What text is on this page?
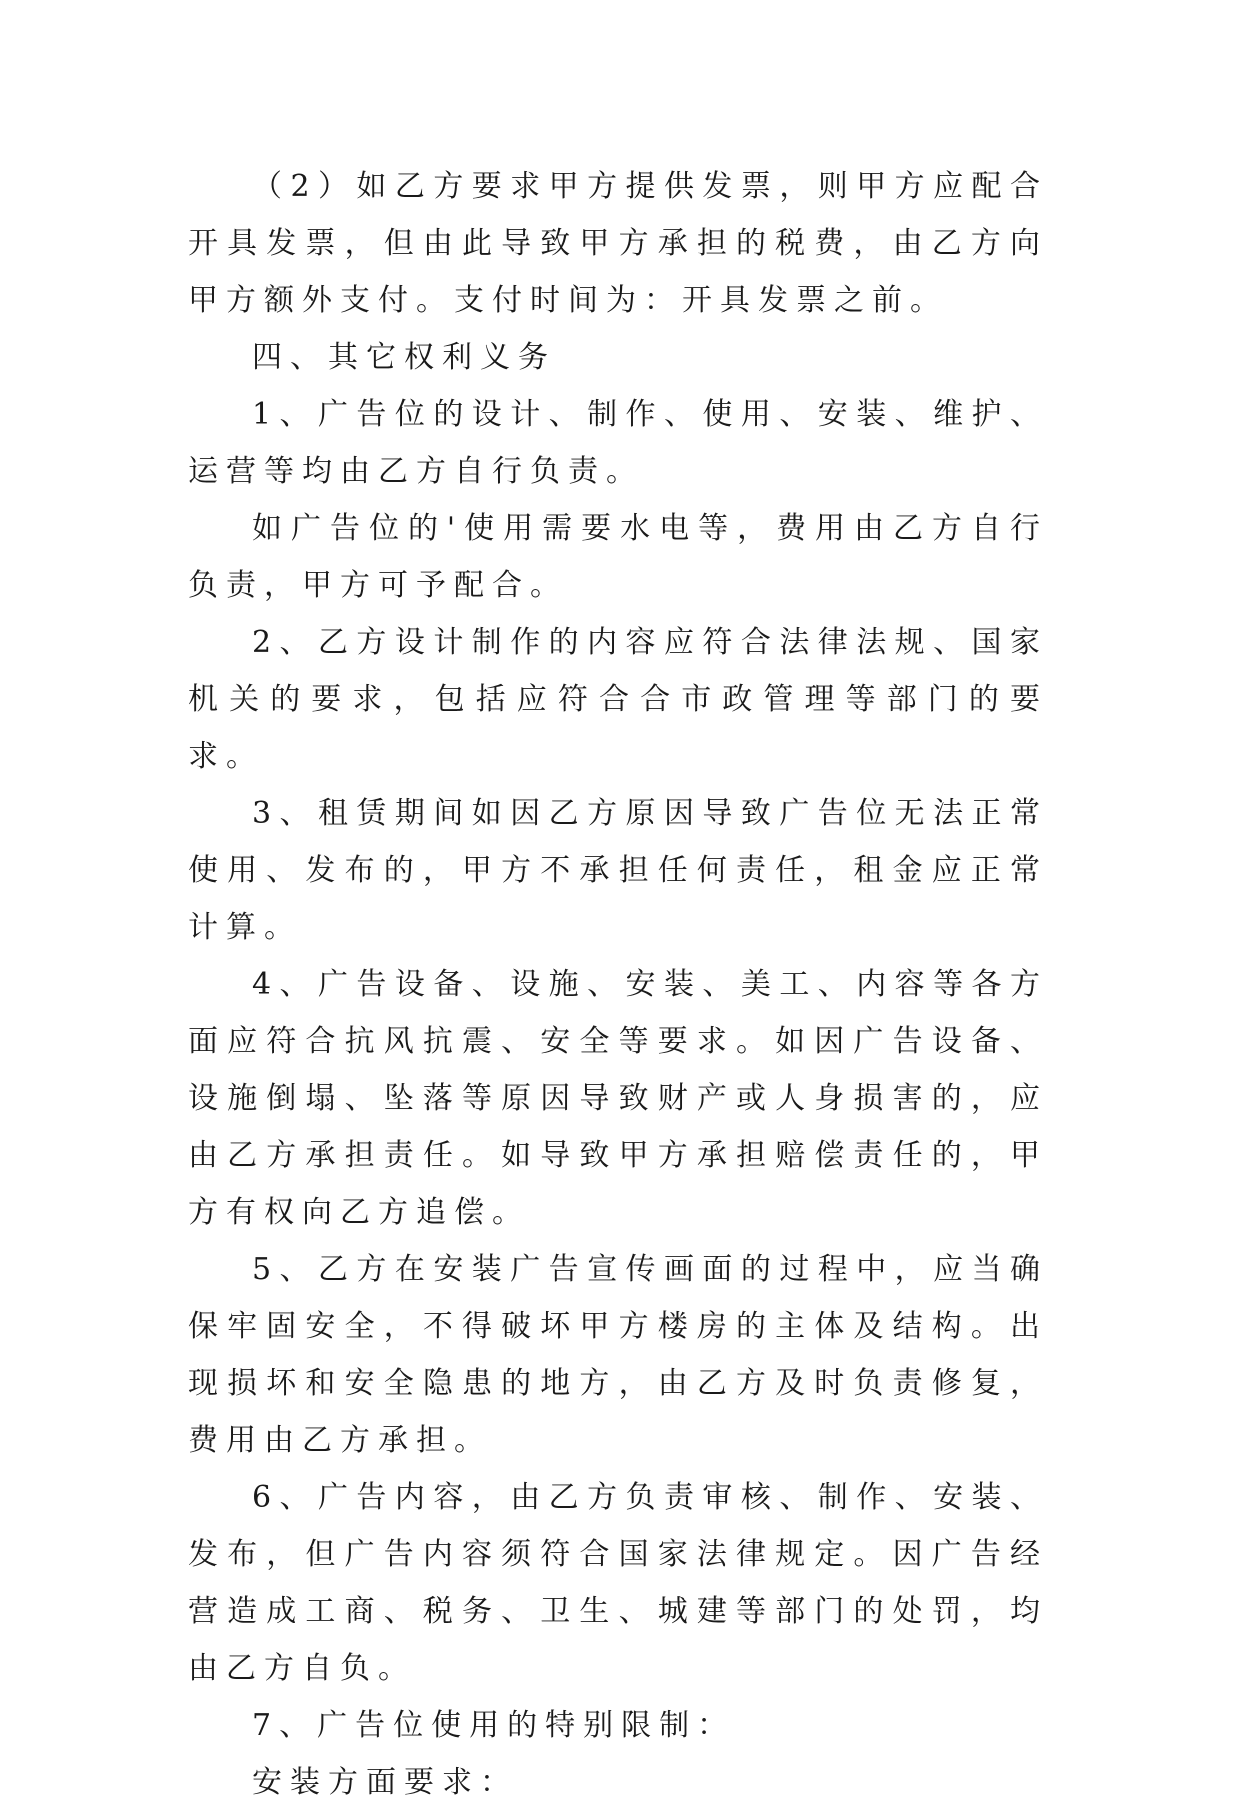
（2）如乙方要求甲方提供发票，则甲方应配合开具发票，但由此导致甲方承担的税费，由乙方向甲方额外支付。支付时间为：开具发票之前。

四、其它权利义务

1、广告位的设计、制作、使用、安装、维护、运营等均由乙方自行负责。

如广告位的'使用需要水电等，费用由乙方自行负责，甲方可予配合。

2、乙方设计制作的内容应符合法律法规、国家机关的要求，包括应符合合市政管理等部门的要求。

3、租赁期间如因乙方原因导致广告位无法正常使用、发布的，甲方不承担任何责任，租金应正常计算。

4、广告设备、设施、安装、美工、内容等各方面应符合抗风抗震、安全等要求。如因广告设备、设施倒塌、坠落等原因导致财产或人身损害的，应由乙方承担责任。如导致甲方承担赔偿责任的，甲方有权向乙方追偿。

5、乙方在安装广告宣传画面的过程中，应当确保牢固安全，不得破坏甲方楼房的主体及结构。出现损坏和安全隐患的地方，由乙方及时负责修复，费用由乙方承担。

6、广告内容，由乙方负责审核、制作、安装、发布，但广告内容须符合国家法律规定。因广告经营造成工商、税务、卫生、城建等部门的处罚，均由乙方自负。

7、广告位使用的特别限制：

安装方面要求：
